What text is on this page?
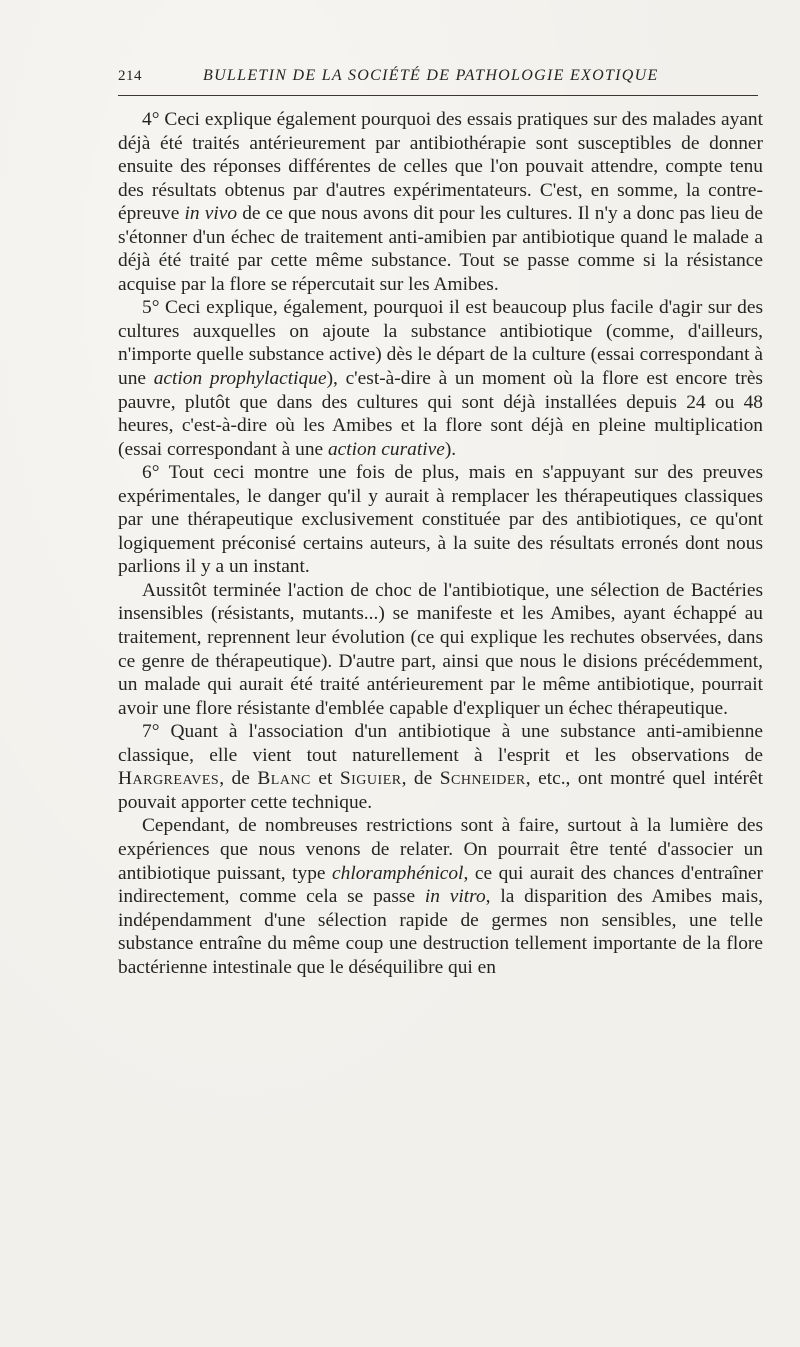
214	BULLETIN DE LA SOCIÉTÉ DE PATHOLOGIE EXOTIQUE

4° Ceci explique également pourquoi des essais pratiques sur des malades ayant déjà été traités antérieurement par antibiothérapie sont susceptibles de donner ensuite des réponses différentes de celles que l'on pouvait attendre, compte tenu des résultats obtenus par d'autres expérimentateurs. C'est, en somme, la contre-épreuve in vivo de ce que nous avons dit pour les cultures. Il n'y a donc pas lieu de s'étonner d'un échec de traitement anti-amibien par antibiotique quand le malade a déjà été traité par cette même substance. Tout se passe comme si la résistance acquise par la flore se répercutait sur les Amibes.

5° Ceci explique, également, pourquoi il est beaucoup plus facile d'agir sur des cultures auxquelles on ajoute la substance antibiotique (comme, d'ailleurs, n'importe quelle substance active) dès le départ de la culture (essai correspondant à une action prophylactique), c'est-à-dire à un moment où la flore est encore très pauvre, plutôt que dans des cultures qui sont déjà installées depuis 24 ou 48 heures, c'est-à-dire où les Amibes et la flore sont déjà en pleine multiplication (essai correspondant à une action curative).

6° Tout ceci montre une fois de plus, mais en s'appuyant sur des preuves expérimentales, le danger qu'il y aurait à remplacer les thérapeutiques classiques par une thérapeutique exclusivement constituée par des antibiotiques, ce qu'ont logiquement préconisé certains auteurs, à la suite des résultats erronés dont nous parlions il y a un instant.

Aussitôt terminée l'action de choc de l'antibiotique, une sélection de Bactéries insensibles (résistants, mutants...) se manifeste et les Amibes, ayant échappé au traitement, reprennent leur évolution (ce qui explique les rechutes observées, dans ce genre de thérapeutique). D'autre part, ainsi que nous le disions précédemment, un malade qui aurait été traité antérieurement par le même antibiotique, pourrait avoir une flore résistante d'emblée capable d'expliquer un échec thérapeutique.

7° Quant à l'association d'un antibiotique à une substance anti-amibienne classique, elle vient tout naturellement à l'esprit et les observations de Hargreaves, de Blanc et Siguier, de Schneider, etc., ont montré quel intérêt pouvait apporter cette technique.

Cependant, de nombreuses restrictions sont à faire, surtout à la lumière des expériences que nous venons de relater. On pourrait être tenté d'associer un antibiotique puissant, type chloramphénicol, ce qui aurait des chances d'entraîner indirectement, comme cela se passe in vitro, la disparition des Amibes mais, indépendamment d'une sélection rapide de germes non sensibles, une telle substance entraîne du même coup une destruction tellement importante de la flore bactérienne intestinale que le déséquilibre qui en
